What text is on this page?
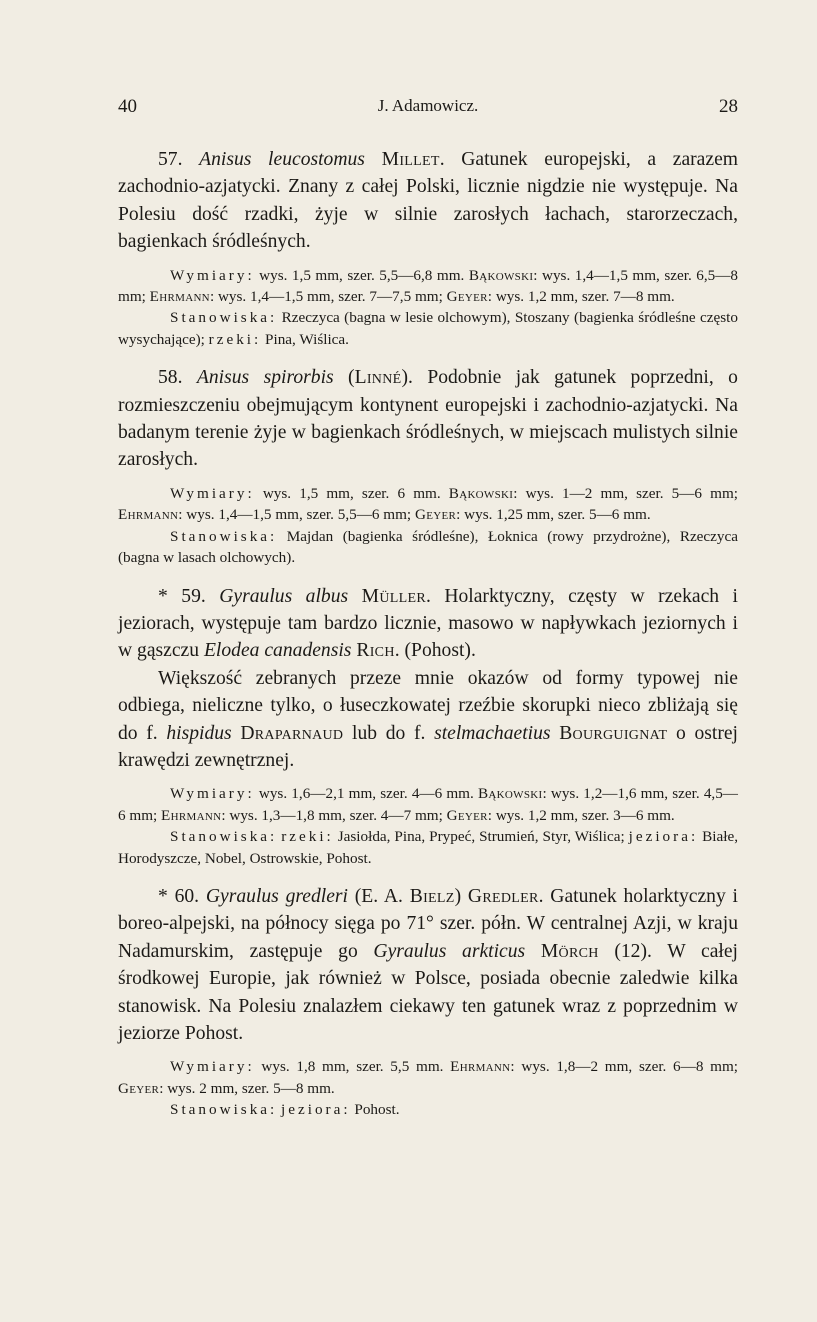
40	J. Adamowicz.	28

57. Anisus leucostomus Millet. Gatunek europejski, a zarazem zachodnio-azjatycki. Znany z całej Polski, licznie nigdzie nie występuje. Na Polesiu dość rzadki, żyje w silnie zarosłych łachach, starorzeczach, bagienkach śródleśnych.

Wymiary: wys. 1,5 mm, szer. 5,5—6,8 mm. Bąkowski: wys. 1,4—1,5 mm, szer. 6,5—8 mm; Ehrmann: wys. 1,4—1,5 mm, szer. 7—7,5 mm; Geyer: wys. 1,2 mm, szer. 7—8 mm.

Stanowiska: Rzeczyca (bagna w lesie olchowym), Stoszany (bagienka śródleśne często wysychające); rzeki: Pina, Wiślica.

58. Anisus spirorbis (Linné). Podobnie jak gatunek poprzedni, o rozmieszczeniu obejmującym kontynent europejski i zachodnio-azjatycki. Na badanym terenie żyje w bagienkach śródleśnych, w miejscach mulistych silnie zarosłych.

Wymiary: wys. 1,5 mm, szer. 6 mm. Bąkowski: wys. 1—2 mm, szer. 5—6 mm; Ehrmann: wys. 1,4—1,5 mm, szer. 5,5—6 mm; Geyer: wys. 1,25 mm, szer. 5—6 mm.

Stanowiska: Majdan (bagienka śródleśne), Łoknica (rowy przydrożne), Rzeczyca (bagna w lasach olchowych).

* 59. Gyraulus albus Müller. Holarktyczny, częsty w rzekach i jeziorach, występuje tam bardzo licznie, masowo w napływkach jeziornych i w gąszczu Elodea canadensis Rich. (Pohost).

Większość zebranych przeze mnie okazów od formy typowej nie odbiega, nieliczne tylko, o łuseczkowatej rzeźbie skorupki nieco zbliżają się do f. hispidus Draparnaud lub do f. stelmachaetius Bourguignat o ostrej krawędzi zewnętrznej.

Wymiary: wys. 1,6—2,1 mm, szer. 4—6 mm. Bąkowski: wys. 1,2—1,6 mm, szer. 4,5—6 mm; Ehrmann: wys. 1,3—1,8 mm, szer. 4—7 mm; Geyer: wys. 1,2 mm, szer. 3—6 mm.

Stanowiska: rzeki: Jasiołda, Pina, Prypeć, Strumień, Styr, Wiślica; jeziora: Białe, Horodyszcze, Nobel, Ostrowskie, Pohost.

* 60. Gyraulus gredleri (E. A. Bielz) Gredler. Gatunek holarktyczny i boreo-alpejski, na północy sięga po 71° szer. półn. W centralnej Azji, w kraju Nadamurskim, zastępuje go Gyraulus arkticus Mörch (12). W całej środkowej Europie, jak również w Polsce, posiada obecnie zaledwie kilka stanowisk. Na Polesiu znalazłem ciekawy ten gatunek wraz z poprzednim w jeziorze Pohost.

Wymiary: wys. 1,8 mm, szer. 5,5 mm. Ehrmann: wys. 1,8—2 mm, szer. 6—8 mm; Geyer: wys. 2 mm, szer. 5—8 mm.

Stanowiska: jeziora: Pohost.
